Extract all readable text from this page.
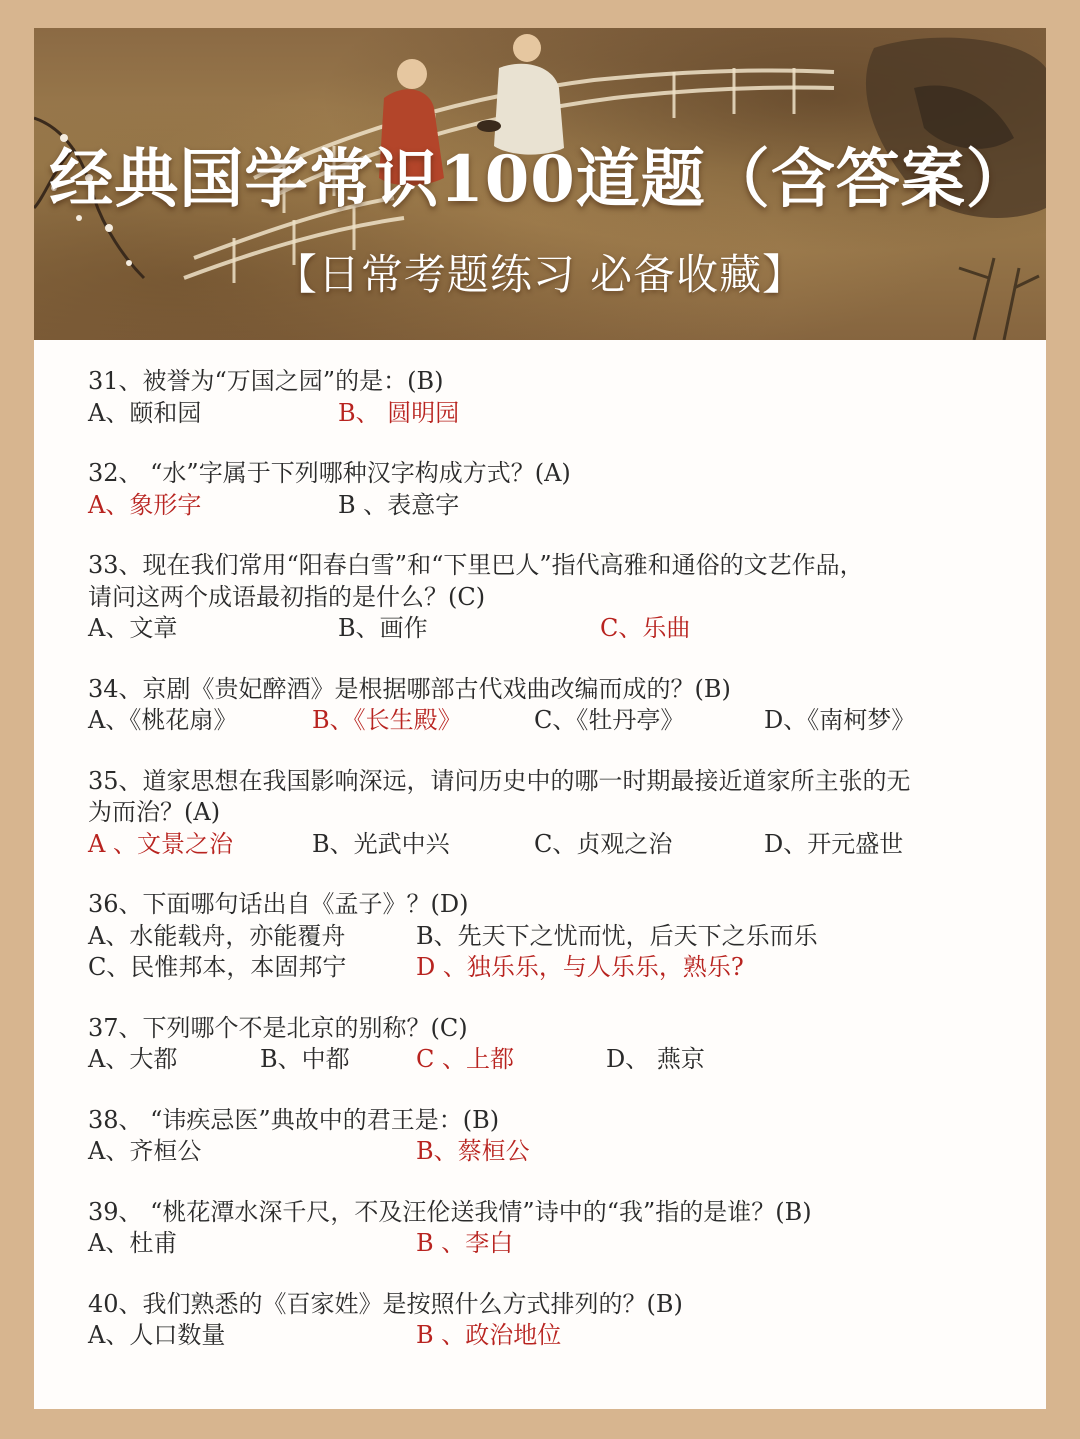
经典国学常识100道题（含答案）
【日常考题练习 必备收藏】
31、被誉为“万国之园”的是：(B)
A、颐和园	B、 圆明园
32、 “水”字属于下列哪种汉字构成方式？(A)
A、象形字	B 、表意字
33、现在我们常用“阳春白雪”和“下里巴人”指代高雅和通俗的文艺作品，
请问这两个成语最初指的是什么？(C)
A、文章	B、画作	C、乐曲
34、京剧《贵妃醉酒》是根据哪部古代戏曲改编而成的？(B)
A、《桃花扇》	B、《长生殿》	C、《牡丹亭》	D、《南柯梦》
35、道家思想在我国影响深远，请问历史中的哪一时期最接近道家所主张的无
为而治？(A)
A 、文景之治	B、光武中兴	C、贞观之治	D、开元盛世
36、下面哪句话出自《孟子》？(D)
A、水能载舟，亦能覆舟	B、先天下之忧而忧，后天下之乐而乐
C、民惟邦本，本固邦宁	D 、独乐乐，与人乐乐，熟乐?
37、下列哪个不是北京的别称？(C)
A、大都	B、中都	C 、上都	D、 燕京
38、 “讳疾忌医”典故中的君王是：(B)
A、齐桓公	B、蔡桓公
39、 “桃花潭水深千尺，不及汪伦送我情”诗中的“我”指的是谁？(B)
A、杜甫	B 、李白
40、我们熟悉的《百家姓》是按照什么方式排列的？(B)
A、人口数量	B 、政治地位
